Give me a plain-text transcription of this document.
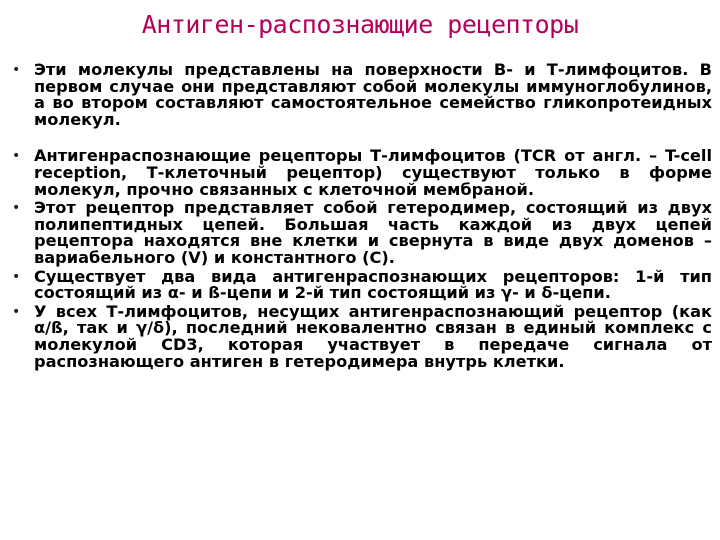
Антиген-распознающие рецепторы
• Эти молекулы представлены на поверхности В- и Т-лимфоцитов. В первом случае они представляют собой молекулы иммуноглобулинов, а во втором составляют самостоятельное семейство гликопротеидных молекул.
• Антигенраспознающие рецепторы Т-лимфоцитов (TCR от англ. – T-cell reception, Т-клеточный рецептор) существуют только в форме молекул, прочно связанных с клеточной мембраной.
• Этот рецептор представляет собой гетеродимер, состоящий из двух полипептидных цепей. Большая часть каждой из двух цепей рецептора находятся вне клетки и свернута в виде двух доменов – вариабельного (V) и константного (С).
• Существует два вида антигенраспознающих рецепторов: 1-й тип состоящий из α- и ß-цепи и 2-й тип состоящий из γ- и δ-цепи.
• У всех Т-лимфоцитов, несущих антигенраспознающий рецептор (как α/ß, так и γ/δ), последний нековалентно связан в единый комплекс с молекулой CD3, которая участвует в передаче сигнала от распознающего антиген в гетеродимера внутрь клетки.
